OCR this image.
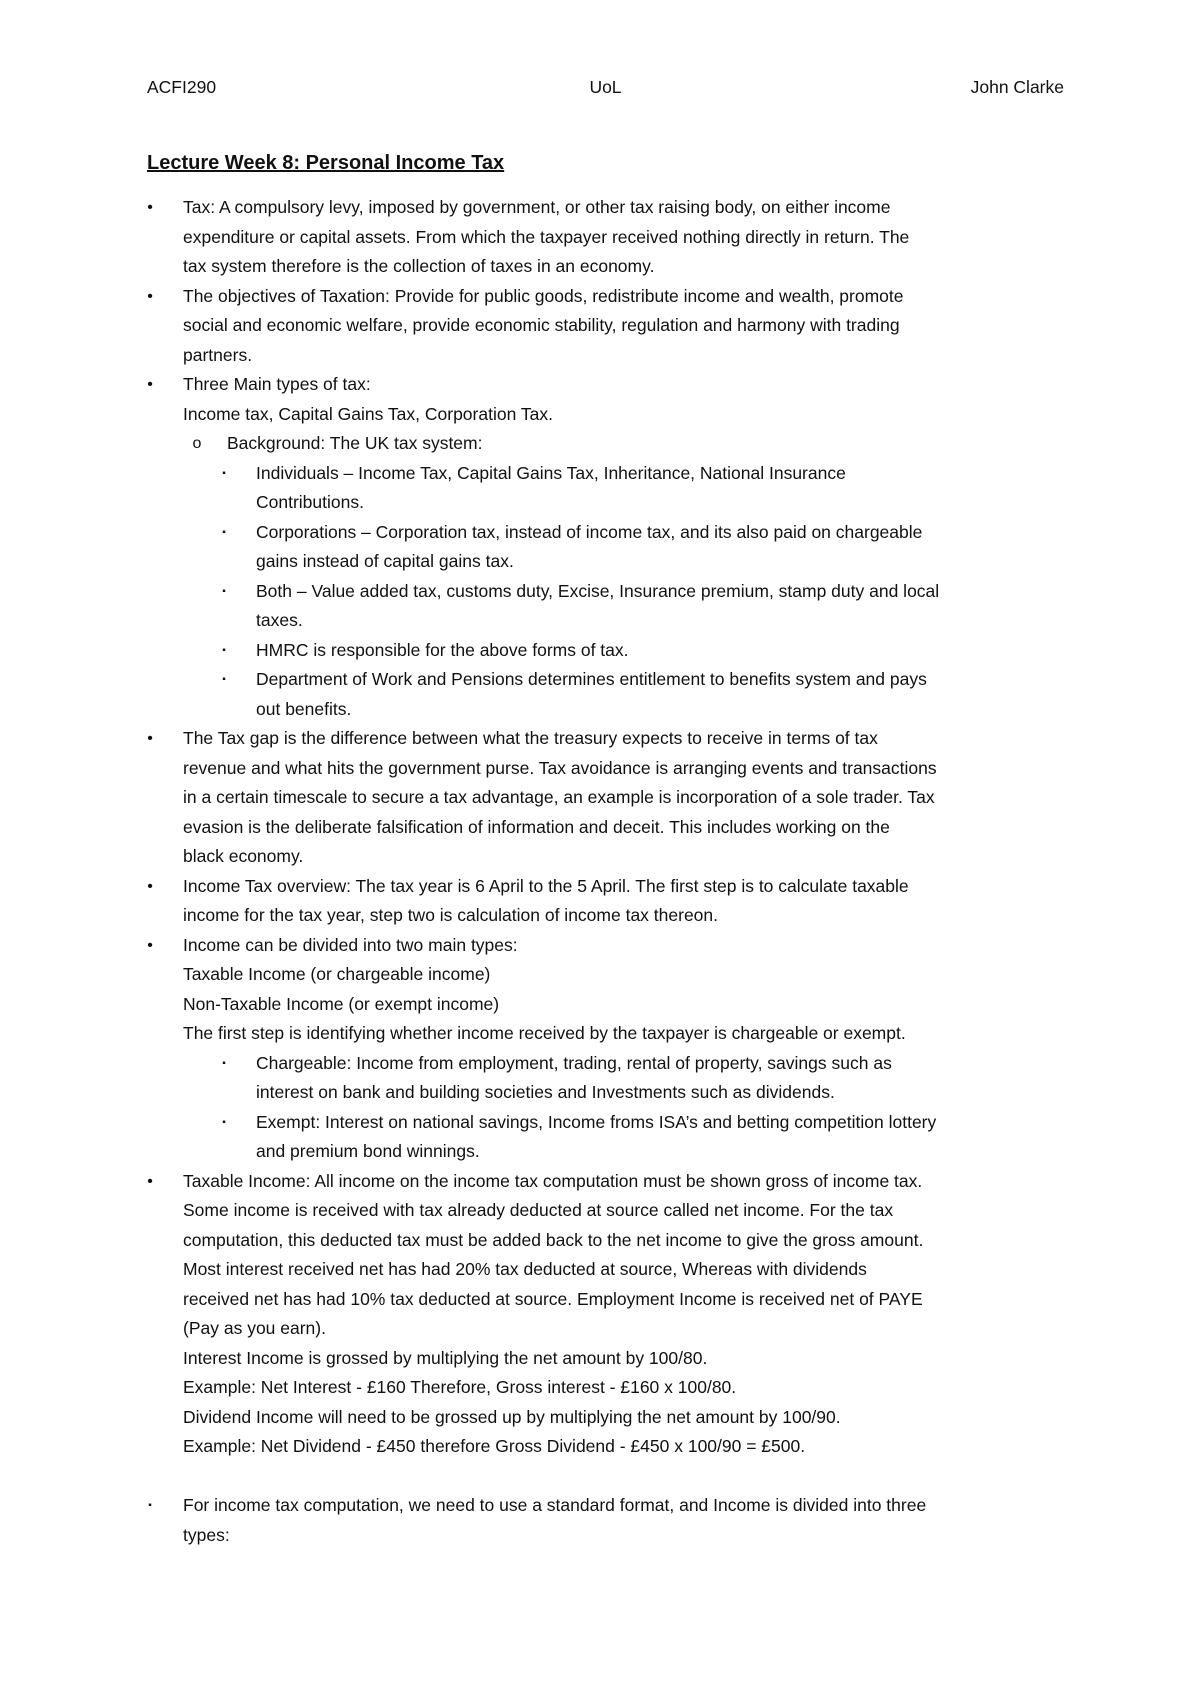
ACFI290	UoL	John Clarke
Lecture Week 8: Personal Income Tax
• Tax: A compulsory levy, imposed by government, or other tax raising body, on either income
expenditure or capital assets. From which the taxpayer received nothing directly in return. The
tax system therefore is the collection of taxes in an economy.
• The objectives of Taxation: Provide for public goods, redistribute income and wealth, promote
social and economic welfare, provide economic stability, regulation and harmony with trading
partners.
• Three Main types of tax:
Income tax, Capital Gains Tax, Corporation Tax.
o Background: The UK tax system:
▪ Individuals – Income Tax, Capital Gains Tax, Inheritance, National Insurance
Contributions.
▪ Corporations – Corporation tax, instead of income tax, and its also paid on chargeable
gains instead of capital gains tax.
▪ Both – Value added tax, customs duty, Excise, Insurance premium, stamp duty and local
taxes.
▪ HMRC is responsible for the above forms of tax.
▪ Department of Work and Pensions determines entitlement to benefits system and pays
out benefits.
• The Tax gap is the difference between what the treasury expects to receive in terms of tax
revenue and what hits the government purse. Tax avoidance is arranging events and transactions
in a certain timescale to secure a tax advantage, an example is incorporation of a sole trader. Tax
evasion is the deliberate falsification of information and deceit. This includes working on the
black economy.
• Income Tax overview: The tax year is 6 April to the 5 April. The first step is to calculate taxable
income for the tax year, step two is calculation of income tax thereon.
• Income can be divided into two main types:
Taxable Income (or chargeable income)
Non-Taxable Income (or exempt income)
The first step is identifying whether income received by the taxpayer is chargeable or exempt.
▪ Chargeable: Income from employment, trading, rental of property, savings such as
interest on bank and building societies and Investments such as dividends.
▪ Exempt: Interest on national savings, Income froms ISA’s and betting competition lottery
and premium bond winnings.
• Taxable Income: All income on the income tax computation must be shown gross of income tax.
Some income is received with tax already deducted at source called net income. For the tax
computation, this deducted tax must be added back to the net income to give the gross amount.
Most interest received net has had 20% tax deducted at source, Whereas with dividends
received net has had 10% tax deducted at source. Employment Income is received net of PAYE
(Pay as you earn).
Interest Income is grossed by multiplying the net amount by 100/80.
Example: Net Interest - £160 Therefore, Gross interest - £160 x 100/80.
Dividend Income will need to be grossed up by multiplying the net amount by 100/90.
Example: Net Dividend - £450 therefore Gross Dividend - £450 x 100/90 = £500.
▪ For income tax computation, we need to use a standard format, and Income is divided into three
types:
